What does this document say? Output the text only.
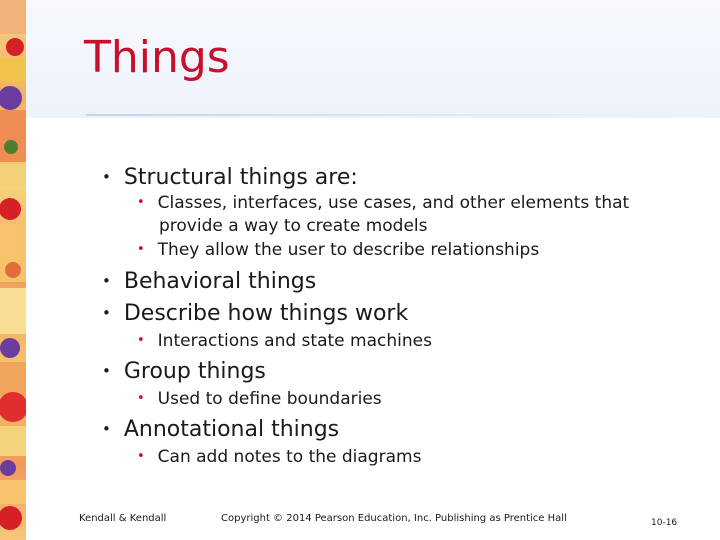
Things
• Structural things are:
• Classes, interfaces, use cases, and other elements that
provide a way to create models
• They allow the user to describe relationships
• Behavioral things
• Describe how things work
• Interactions and state machines
• Group things
• Used to define boundaries
• Annotational things
• Can add notes to the diagrams
Kendall & Kendall	Copyright © 2014 Pearson Education, Inc. Publishing as Prentice Hall	10-16
